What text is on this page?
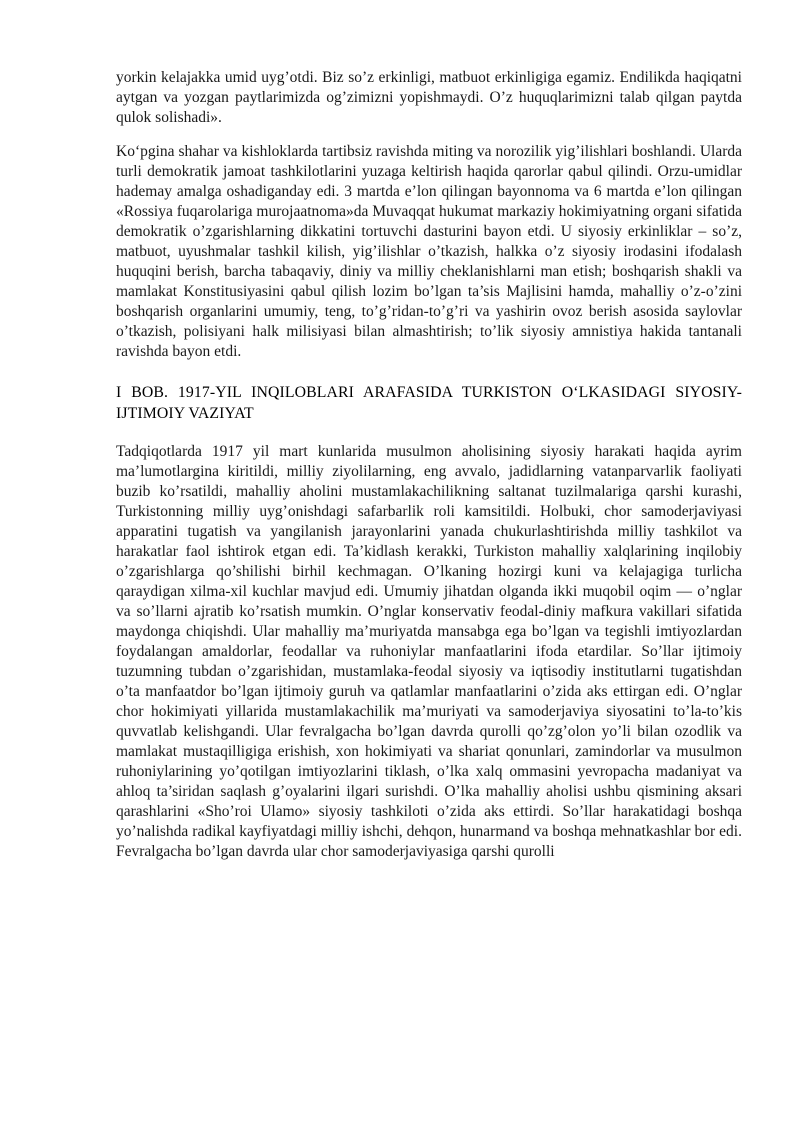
yorkin kelajakka umid uyg’otdi. Biz so’z erkinligi, matbuot erkinligiga egamiz. Endilikda haqiqatni aytgan va yozgan paytlarimizda og’zimizni yopishmaydi. O’z huquqlarimizni talab qilgan paytda qulok solishadi».

Koʻpgina shahar va kishloklarda tartibsiz ravishda miting va norozilik yig’ilishlari boshlandi. Ularda turli demokratik jamoat tashkilotlarini yuzaga keltirish haqida qarorlar qabul qilindi. Orzu-umidlar hademay amalga oshadiganday edi. 3 martda e’lon qilingan bayonnoma va 6 martda e’lon qilingan «Rossiya fuqarolariga murojaatnoma»da Muvaqqat hukumat markaziy hokimiyatning organi sifatida demokratik o’zgarishlarning dikkatini tortuvchi dasturini bayon etdi. U siyosiy erkinliklar – so’z, matbuot, uyushmalar tashkil kilish, yig’ilishlar o’tkazish, halkka o’z siyosiy irodasini ifodalash huquqini berish, barcha tabaqaviy, diniy va milliy cheklanishlarni man etish; boshqarish shakli va mamlakat Konstitusiyasini qabul qilish lozim bo’lgan ta’sis Majlisini hamda, mahalliy o’z-o’zini boshqarish organlarini umumiy, teng, to’g’ridan-to’g’ri va yashirin ovoz berish asosida saylovlar o’tkazish, polisiyani halk milisiyasi bilan almashtirish; to’lik siyosiy amnistiya hakida tantanali ravishda bayon etdi.

I BOB. 1917-YIL INQILOBLARI ARAFASIDA TURKISTON O‘LKASIDAGI SIYOSIY-IJTIMOIY VAZIYAT

Tadqiqotlarda 1917 yil mart kunlarida musulmon aholisining siyosiy harakati haqida ayrim ma’lumotlargina kiritildi, milliy ziyolilarning, eng avvalo, jadidlarning vatanparvarlik faoliyati buzib ko’rsatildi, mahalliy aholini mustamlakachilikning saltanat tuzilmalariga qarshi kurashi, Turkistonning milliy uyg’onishdagi safarbarlik roli kamsitildi. Holbuki, chor samoderjaviyasi apparatini tugatish va yangilanish jarayonlarini yanada chukurlashtirishda milliy tashkilot va harakatlar faol ishtirok etgan edi. Ta’kidlash kerakki, Turkiston mahalliy xalqlarining inqilobiy o’zgarishlarga qo’shilishi birhil kechmagan. O’lkaning hozirgi kuni va kelajagiga turlicha qaraydigan xilma-xil kuchlar mavjud edi. Umumiy jihatdan olganda ikki muqobil oqim — o’nglar va so’llarni ajratib ko’rsatish mumkin. O’nglar konservativ feodal-diniy mafkura vakillari sifatida maydonga chiqishdi. Ular mahalliy ma’muriyatda mansabga ega bo’lgan va tegishli imtiyozlardan foydalangan amaldorlar, feodallar va ruhoniylar manfaatlarini ifoda etardilar. So’llar ijtimoiy tuzumning tubdan o’zgarishidan, mustamlaka-feodal siyosiy va iqtisodiy institutlarni tugatishdan o’ta manfaatdor bo’lgan ijtimoiy guruh va qatlamlar manfaatlarini o’zida aks ettirgan edi. O’nglar chor hokimiyati yillarida mustamlakachilik ma’muriyati va samoderjaviya siyosatini to’la-to’kis quvvatlab kelishgandi. Ular fevralgacha bo’lgan davrda qurolli qo’zg’olon yo’li bilan ozodlik va mamlakat mustaqilligiga erishish, xon hokimiyati va shariat qonunlari, zamindorlar va musulmon ruhoniylarining yo’qotilgan imtiyozlarini tiklash, o’lka xalq ommasini yevropacha madaniyat va ahloq ta’siridan saqlash g’oyalarini ilgari surishdi. O’lka mahalliy aholisi ushbu qismining aksari qarashlarini «Sho’roi Ulamo» siyosiy tashkiloti o’zida aks ettirdi. So’llar harakatidagi boshqa yo’nalishda radikal kayfiyatdagi milliy ishchi, dehqon, hunarmand va boshqa mehnatkashlar bor edi. Fevralgacha bo’lgan davrda ular chor samoderjaviyasiga qarshi qurolli
